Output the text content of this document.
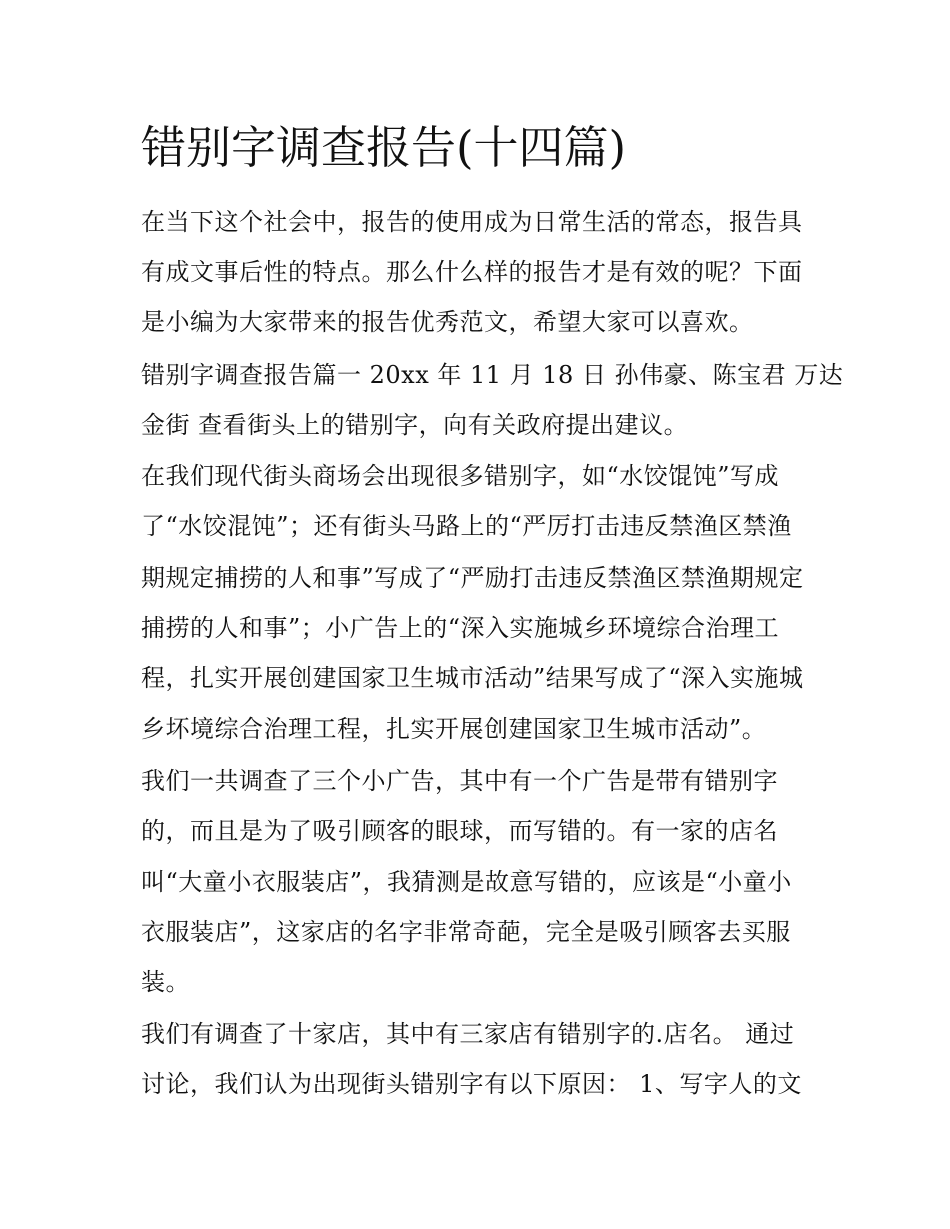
错别字调查报告(十四篇)

在当下这个社会中，报告的使用成为日常生活的常态，报告具

有成文事后性的特点。那么什么样的报告才是有效的呢？下面

是小编为大家带来的报告优秀范文，希望大家可以喜欢。

错别字调查报告篇一 20xx 年 11 月 18 日 孙伟豪、陈宝君 万达

金街 查看街头上的错别字，向有关政府提出建议。

在我们现代街头商场会出现很多错别字，如“水饺馄饨”写成

了“水饺混饨”；还有街头马路上的“严厉打击违反禁渔区禁渔

期规定捕捞的人和事”写成了“严励打击违反禁渔区禁渔期规定

捕捞的人和事”；小广告上的“深入实施城乡环境综合治理工

程，扎实开展创建国家卫生城市活动”结果写成了“深入实施城

乡坏境综合治理工程，扎实开展创建国家卫生城市活动”。

我们一共调查了三个小广告，其中有一个广告是带有错别字

的，而且是为了吸引顾客的眼球，而写错的。有一家的店名

叫“大童小衣服装店”，我猜测是故意写错的，应该是“小童小

衣服装店”，这家店的名字非常奇葩，完全是吸引顾客去买服

装。

我们有调查了十家店，其中有三家店有错别字的.店名。 通过

讨论，我们认为出现街头错别字有以下原因： 1、写字人的文
